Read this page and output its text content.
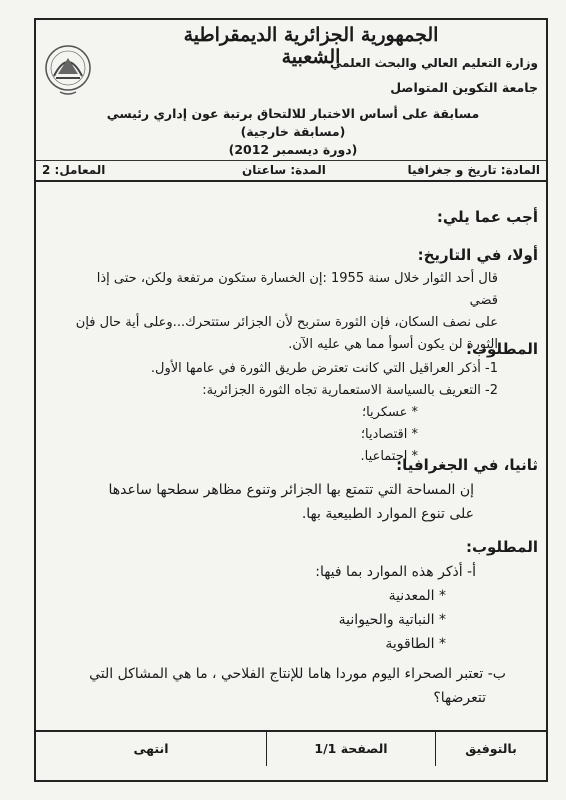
الجمهورية الجزائرية الديمقراطية الشعبية
وزارة التعليم العالي والبحث العلمي
جامعة التكوين المتواصل
مسابقة على أساس الاختبار للالتحاق برتبة عون إداري رئيسي
(مسابقة خارجية)
(دورة ديسمبر 2012)
المادة: تاريخ و جغرافيا
المدة: ساعتان
المعامل: 2
أجب عما يلي:
أولا، في التاريخ:
قال أحد الثوار خلال سنة 1955 :إن الخسارة ستكون مرتفعة ولكن، حتى إذا قضي
على نصف السكان، فإن الثورة ستربح لأن الجزائر ستتحرك...وعلى أية حال فإن
الثورة لن يكون أسوأ مما هي عليه الآن.
المطلوب:
1- أذكر العراقيل التي كانت تعترض طريق الثورة في عامها الأول.
2- التعريف بالسياسة الاستعمارية تجاه الثورة الجزائرية:
* عسكريا؛
* اقتصاديا؛
* اجتماعيا.
ثانيا، في الجغرافيا:
إن المساحة التي تتمتع بها الجزائر وتنوع مظاهر سطحها ساعدها
على تنوع الموارد الطبيعية بها.
المطلوب:
أ- أذكر هذه الموارد بما فيها:
* المعدنية
* النباتية والحيوانية
* الطاقوية
ب- تعتبر الصحراء اليوم موردا هاما للإنتاج الفلاحي ، ما هي المشاكل التي
تتعرضها؟
بالتوفيق
الصفحة 1/1
انتهى
